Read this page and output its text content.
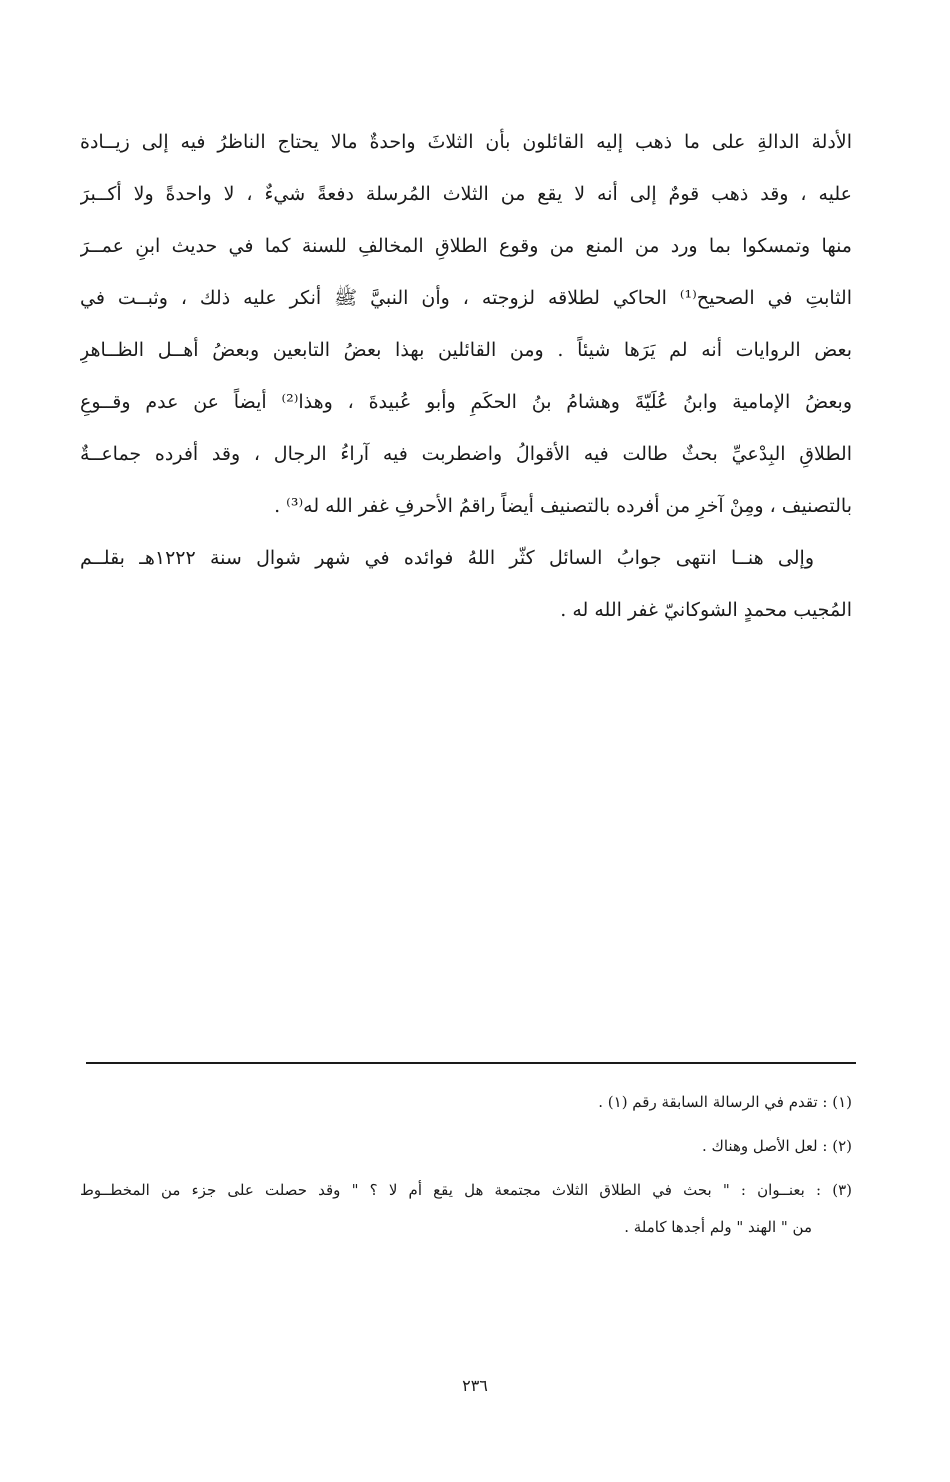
الأدلة الدالةِ على ما ذهب إليه القائلون بأن الثلاثَ واحدةٌ مالا يحتاج الناظرُ فيه إلى زيــادة
عليه ، وقد ذهب قومٌ إلى أنه لا يقع من الثلاث المُرسلة دفعةً شيءٌ ، لا واحدةً ولا أكــبرَ
منها وتمسكوا بما ورد من المنع من وقوع الطلاقِ المخالفِ للسنة كما في حديث ابنِ عمــرَ
الثابتِ في الصحيح⁽¹⁾ الحاكي لطلاقه لزوجته ، وأن النبيَّ ﷺ أنكر عليه ذلك ، وثبــت في
بعض الروايات أنه لم يَرَها شيئاً . ومن القائلين بهذا بعضُ التابعين وبعضُ أهــل الظــاهرِ
وبعضُ الإمامية وابنُ عُلَيّةَ وهشامُ بنُ الحكَمِ وأبو عُبيدةَ ، وهذا⁽²⁾ أيضاً عن عدم وقــوعِ
الطلاقِ البِدْعيِّ بحثٌ طالت فيه الأقوالُ واضطربت فيه آراءُ الرجال ، وقد أفرده جماعــةٌ
بالتصنيف ، ومِنْ آخرِ من أفرده بالتصنيف أيضاً راقمُ الأحرفِ غفر الله له⁽³⁾ .
وإلى هنــا انتهى جوابُ السائل كثّر اللهُ فوائده في شهر شوال سنة ١٢٢٢هـ بقلــم
المُجيب محمدٍ الشوكانيّ غفر الله له .
(١) : تقدم في الرسالة السابقة رقم (١) .
(٢) : لعل الأصل وهناك .
(٣) : بعنــوان : " بحث في الطلاق الثلاث مجتمعة هل يقع أم لا ؟ " وقد حصلت على جزء من المخطــوط
من " الهند " ولم أجدها كاملة .
٢٣٦
